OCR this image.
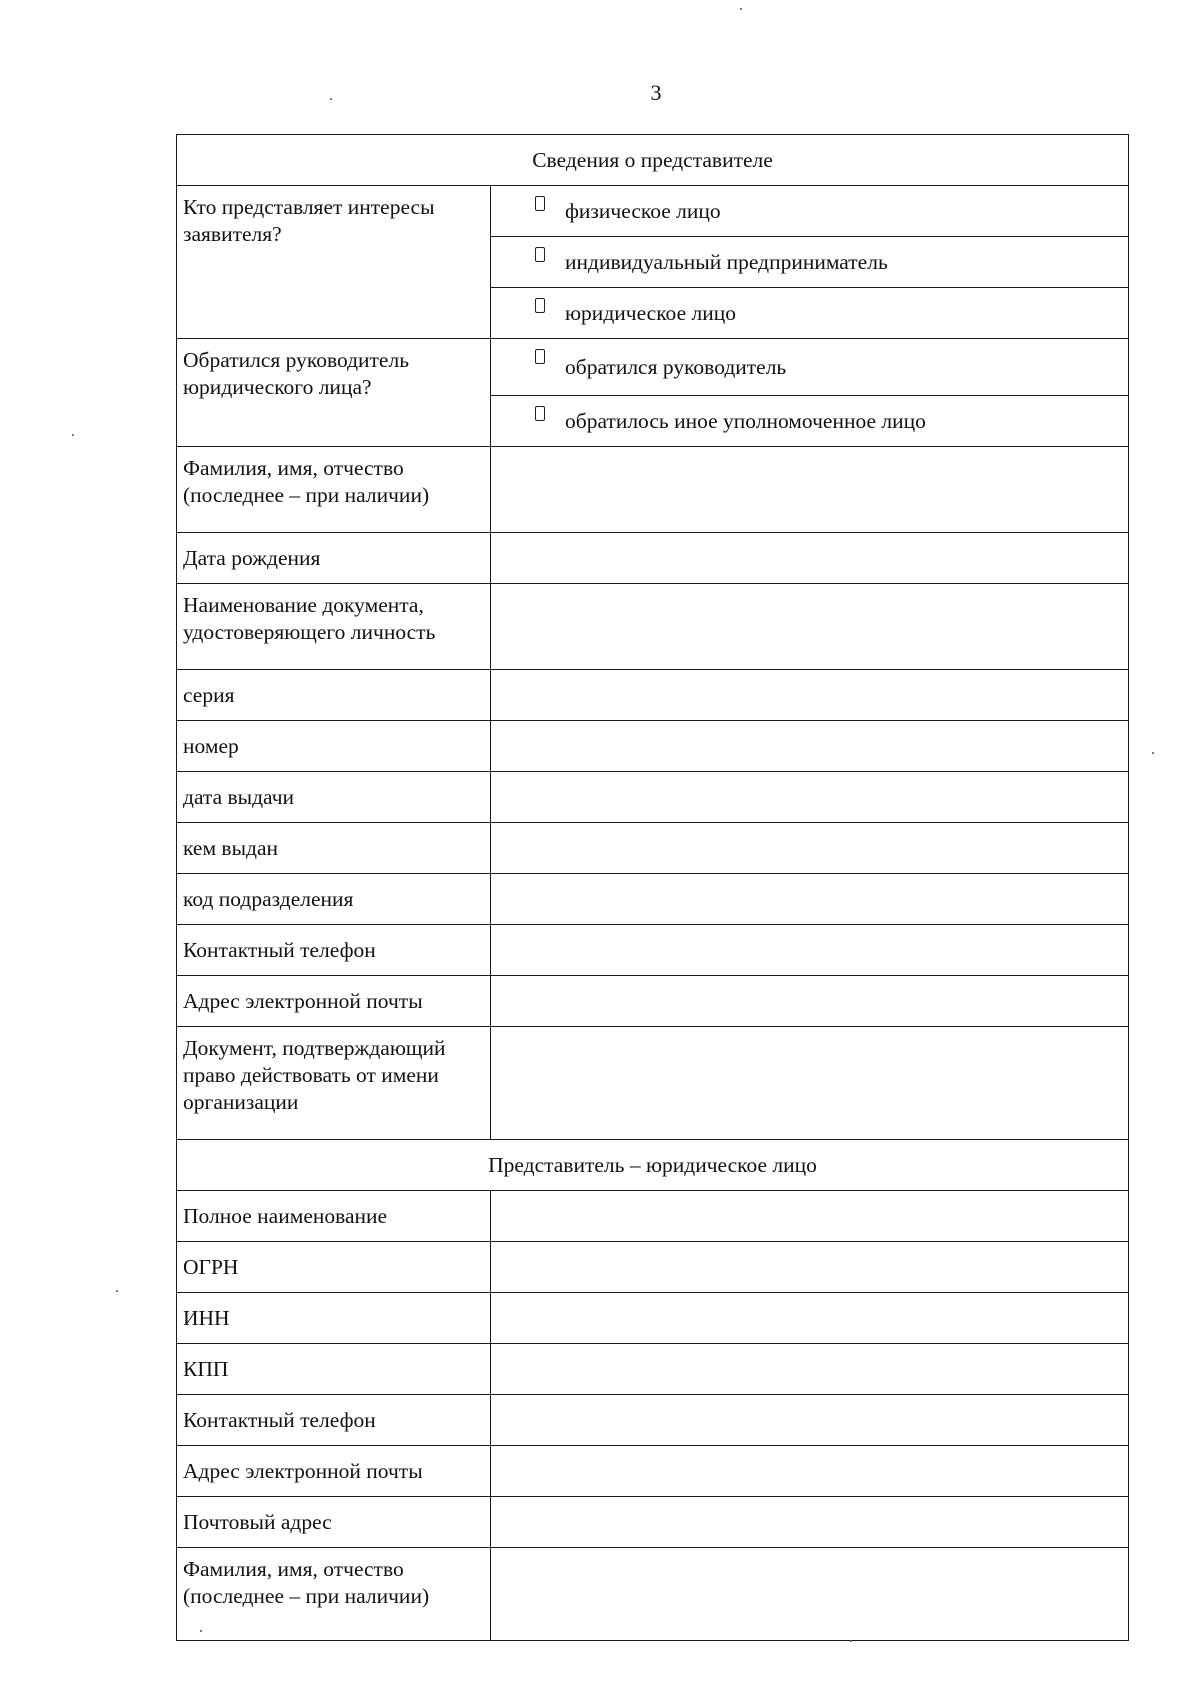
3
Сведения о представителе	
Кто представляет интересы заявителя?	физическое лицо

	индивидуальный предприниматель

	юридическое лицо

Обратился руководитель юридического лица?	обратился руководитель

	обратилось иное уполномоченное лицо

Фамилия, имя, отчество (последнее – при наличии)	
Дата рождения	
Наименование документа, удостоверяющего личность	
серия	
номер	
дата выдачи	
кем выдан	
код подразделения	
Контактный телефон	
Адрес электронной почты	
Документ, подтверждающий право действовать от имени организации	
Представитель – юридическое лицо	
Полное наименование	
ОГРН	
ИНН	
КПП	
Контактный телефон	
Адрес электронной почты	
Почтовый адрес	
Фамилия, имя, отчество (последнее – при наличии)	
